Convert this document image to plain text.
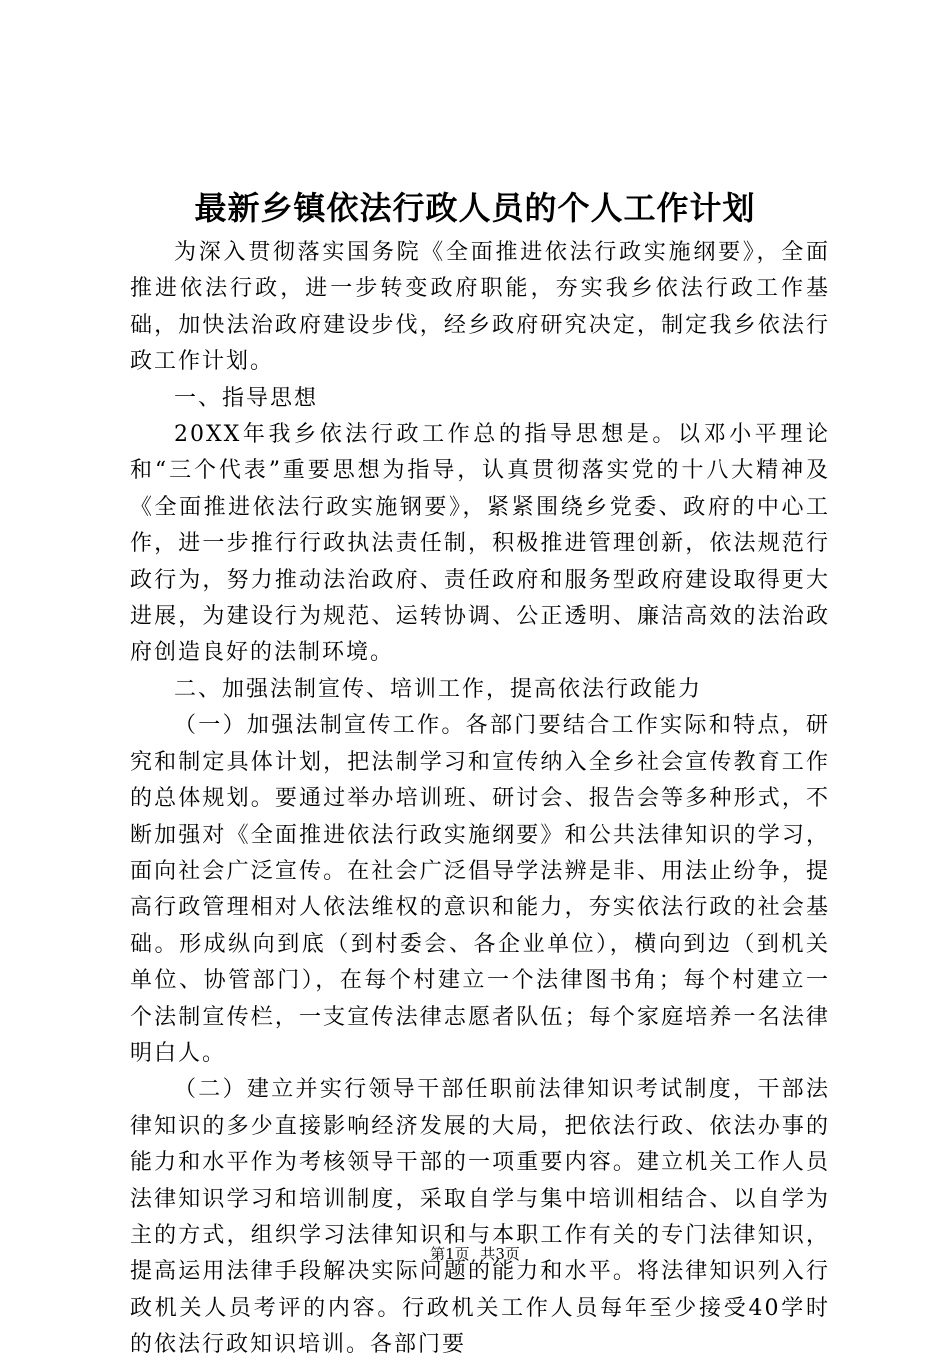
最新乡镇依法行政人员的个人工作计划

为深入贯彻落实国务院《全面推进依法行政实施纲要》，全面推进依法行政，进一步转变政府职能，夯实我乡依法行政工作基础，加快法治政府建设步伐，经乡政府研究决定，制定我乡依法行政工作计划。

一、指导思想

20XX年我乡依法行政工作总的指导思想是。以邓小平理论和“三个代表”重要思想为指导，认真贯彻落实党的十八大精神及《全面推进依法行政实施钢要》，紧紧围绕乡党委、政府的中心工作，进一步推行行政执法责任制，积极推进管理创新，依法规范行政行为，努力推动法治政府、责任政府和服务型政府建设取得更大进展，为建设行为规范、运转协调、公正透明、廉洁高效的法治政府创造良好的法制环境。

二、加强法制宣传、培训工作，提高依法行政能力

（一）加强法制宣传工作。各部门要结合工作实际和特点，研究和制定具体计划，把法制学习和宣传纳入全乡社会宣传教育工作的总体规划。要通过举办培训班、研讨会、报告会等多种形式，不断加强对《全面推进依法行政实施纲要》和公共法律知识的学习，面向社会广泛宣传。在社会广泛倡导学法辨是非、用法止纷争，提高行政管理相对人依法维权的意识和能力，夯实依法行政的社会基础。形成纵向到底（到村委会、各企业单位），横向到边（到机关单位、协管部门），在每个村建立一个法律图书角；每个村建立一个法制宣传栏，一支宣传法律志愿者队伍；每个家庭培养一名法律明白人。

（二）建立并实行领导干部任职前法律知识考试制度，干部法律知识的多少直接影响经济发展的大局，把依法行政、依法办事的能力和水平作为考核领导干部的一项重要内容。建立机关工作人员法律知识学习和培训制度，采取自学与集中培训相结合、以自学为主的方式，组织学习法律知识和与本职工作有关的专门法律知识，提高运用法律手段解决实际问题的能力和水平。将法律知识列入行政机关人员考评的内容。行政机关工作人员每年至少接受40学时的依法行政知识培训。各部门要

第1页 共3页
